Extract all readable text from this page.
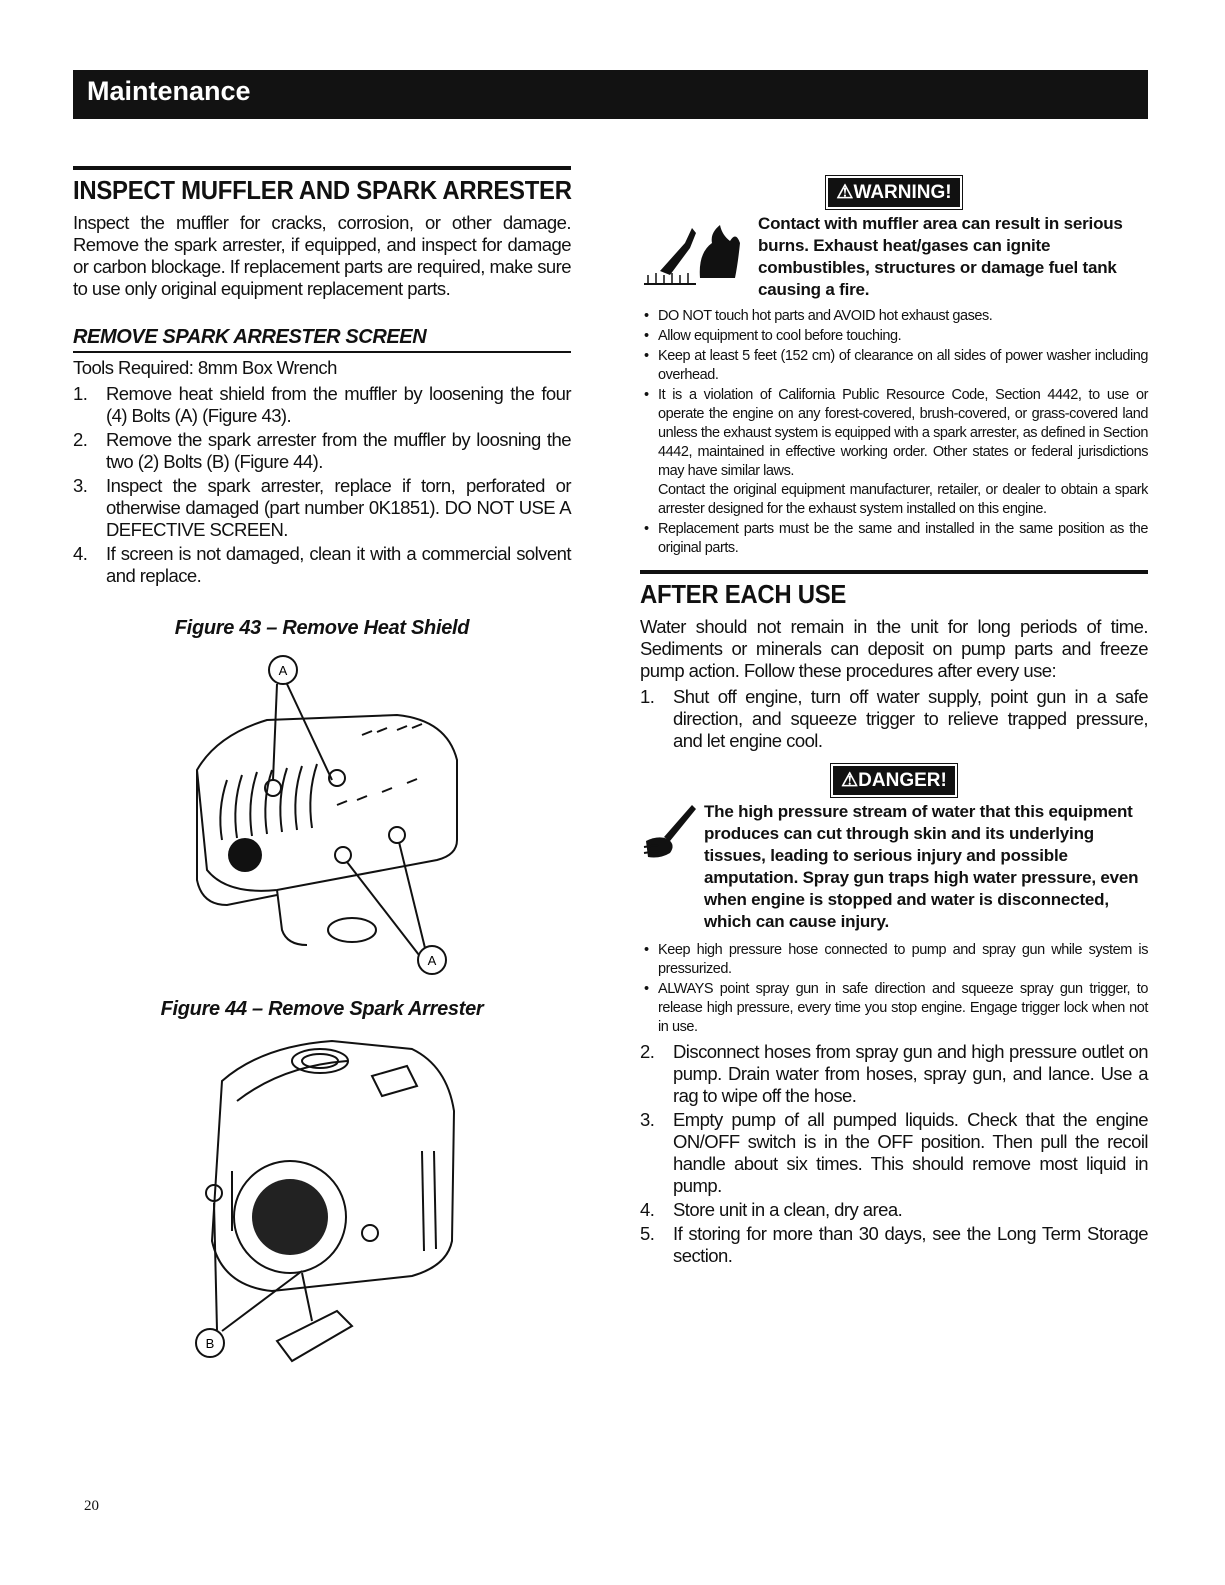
Maintenance
INSPECT MUFFLER AND SPARK ARRESTER

Inspect the muffler for cracks, corrosion, or other damage. Remove the spark arrester, if equipped, and inspect for damage or carbon blockage. If replacement parts are required, make sure to use only original equipment replacement parts.

REMOVE SPARK ARRESTER SCREEN

Tools Required: 8mm Box Wrench

1. Remove heat shield from the muffler by loosening the four (4) Bolts (A) (Figure 43).
2. Remove the spark arrester from the muffler by loosning the two (2) Bolts (B) (Figure 44).
3. Inspect the spark arrester, replace if torn, perforated or otherwise damaged (part number 0K1851). DO NOT USE A DEFECTIVE SCREEN.
4. If screen is not damaged, clean it with a commercial solvent and replace.
Figure 43 – Remove Heat Shield
A
A
Figure 44 – Remove Spark Arrester
B
⚠WARNING!
Contact with muffler area can result in serious burns. Exhaust heat/gases can ignite combustibles, structures or damage fuel tank causing a fire.
• DO NOT touch hot parts and AVOID hot exhaust gases.
• Allow equipment to cool before touching.
• Keep at least 5 feet (152 cm) of clearance on all sides of power washer including overhead.
• It is a violation of California Public Resource Code, Section 4442, to use or operate the engine on any forest-covered, brush-covered, or grass-covered land unless the exhaust system is equipped with a spark arrester, as defined in Section 4442, maintained in effective working order. Other states or federal jurisdictions may have similar laws.
Contact the original equipment manufacturer, retailer, or dealer to obtain a spark arrester designed for the exhaust system installed on this engine.
• Replacement parts must be the same and installed in the same position as the original parts.
AFTER EACH USE

Water should not remain in the unit for long periods of time. Sediments or minerals can deposit on pump parts and freeze pump action. Follow these procedures after every use:

1. Shut off engine, turn off water supply, point gun in a safe direction, and squeeze trigger to relieve trapped pressure, and let engine cool.
⚠DANGER!
The high pressure stream of water that this equipment produces can cut through skin and its underlying tissues, leading to serious injury and possible amputation. Spray gun traps high water pressure, even when engine is stopped and water is disconnected, which can cause injury.
• Keep high pressure hose connected to pump and spray gun while system is pressurized.
• ALWAYS point spray gun in safe direction and squeeze spray gun trigger, to release high pressure, every time you stop engine. Engage trigger lock when not in use.
2. Disconnect hoses from spray gun and high pressure outlet on pump. Drain water from hoses, spray gun, and lance. Use a rag to wipe off the hose.
3. Empty pump of all pumped liquids. Check that the engine ON/OFF switch is in the OFF position. Then pull the recoil handle about six times. This should remove most liquid in pump.
4. Store unit in a clean, dry area.
5. If storing for more than 30 days, see the Long Term Storage section.
20
